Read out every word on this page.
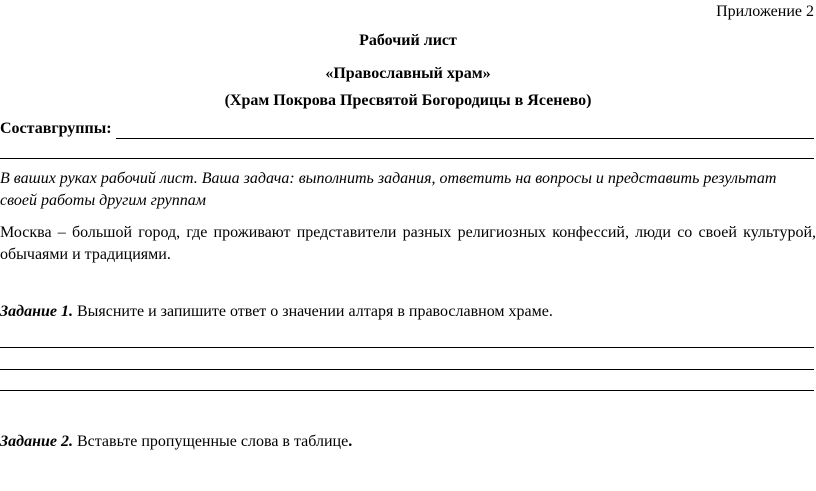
Приложение 2
Рабочий лист
«Православный храм»
(Храм Покрова Пресвятой Богородицы в Ясенево)
Составгруппы:
В ваших руках рабочий лист. Ваша задача: выполнить задания, ответить на вопросы и представить результат своей работы другим группам
Москва – большой город, где проживают представители разных религиозных конфессий, люди со своей культурой, обычаями и традициями.
Задание 1. Выясните и запишите ответ о значении алтаря в православном храме.
Задание 2. Вставьте пропущенные слова в таблице.
